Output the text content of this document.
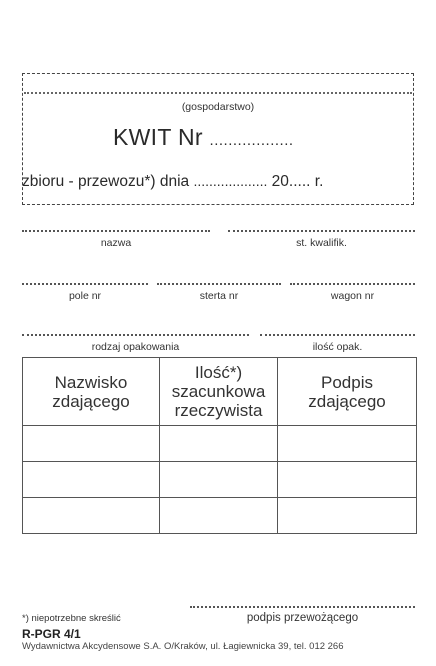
(gospodarstwo)
KWIT Nr ..................
zbioru - przewozu*) dnia ................... 20..... r.
nazwa	st. kwalifik.
pole nr	sterta nr	wagon nr
rodzaj opakowania	ilość opak.
Nazwisko zdającego	Ilość*) szacunkowa rzeczywista	Podpis zdającego

podpis przewożącego
*) niepotrzebne skreślić
R-PGR 4/1
Wydawnictwa Akcydensowe S.A. O/Kraków, ul. Łagiewnicka 39, tel. 012 266
